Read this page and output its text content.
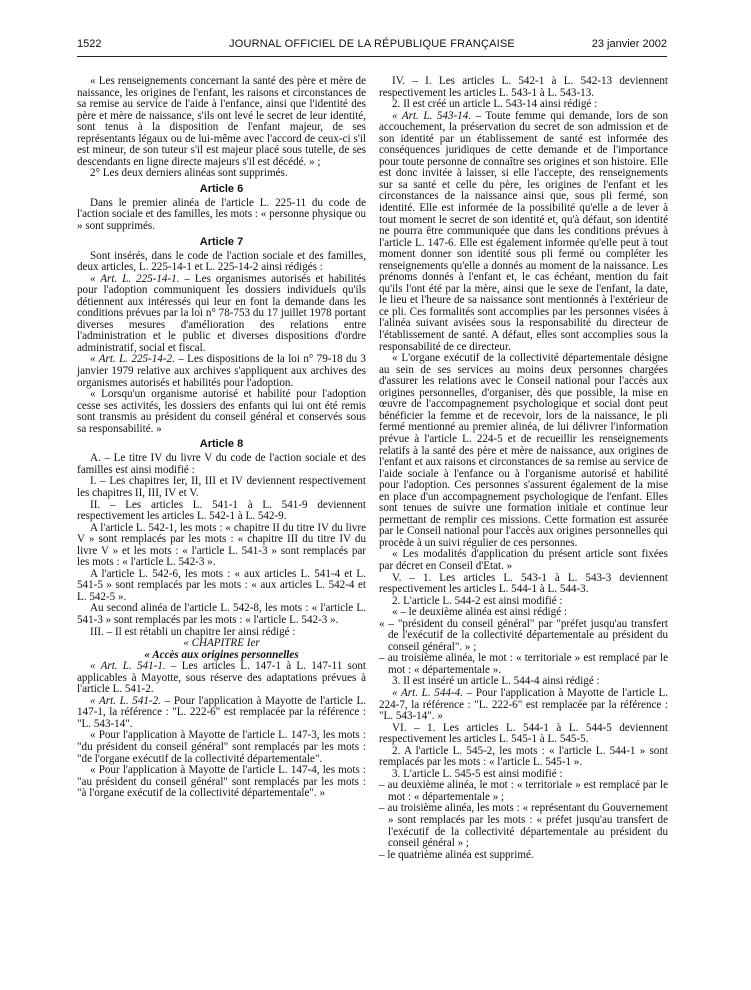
1522	JOURNAL OFFICIEL DE LA RÉPUBLIQUE FRANÇAISE	23 janvier 2002

« Les renseignements concernant la santé des père et mère de naissance, les origines de l'enfant, les raisons et circonstances de sa remise au service de l'aide à l'enfance, ainsi que l'identité des père et mère de naissance, s'ils ont levé le secret de leur identité, sont tenus à la disposition de l'enfant majeur, de ses représentants légaux ou de lui-même avec l'accord de ceux-ci s'il est mineur, de son tuteur s'il est majeur placé sous tutelle, de ses descendants en ligne directe majeurs s'il est décédé. » ;

2° Les deux derniers alinéas sont supprimés.

Article 6

Dans le premier alinéa de l'article L. 225-11 du code de l'action sociale et des familles, les mots : « personne physique ou » sont supprimés.

Article 7

Sont insérés, dans le code de l'action sociale et des familles, deux articles, L. 225-14-1 et L. 225-14-2 ainsi rédigés :

« Art. L. 225-14-1. – Les organismes autorisés et habilités pour l'adoption communiquent les dossiers individuels qu'ils détiennent aux intéressés qui leur en font la demande dans les conditions prévues par la loi n° 78-753 du 17 juillet 1978 portant diverses mesures d'amélioration des relations entre l'administration et le public et diverses dispositions d'ordre administratif, social et fiscal.

« Art. L. 225-14-2. – Les dispositions de la loi n° 79-18 du 3 janvier 1979 relative aux archives s'appliquent aux archives des organismes autorisés et habilités pour l'adoption.

« Lorsqu'un organisme autorisé et habilité pour l'adoption cesse ses activités, les dossiers des enfants qui lui ont été remis sont transmis au président du conseil général et conservés sous sa responsabilité. »

Article 8

A. – Le titre IV du livre V du code de l'action sociale et des familles est ainsi modifié :

I. – Les chapitres Ier, II, III et IV deviennent respectivement les chapitres II, III, IV et V.

II. – Les articles L. 541-1 à L. 541-9 deviennent respectivement les articles L. 542-1 à L. 542-9.

A l'article L. 542-1, les mots : « chapitre II du titre IV du livre V » sont remplacés par les mots : « chapitre III du titre IV du livre V » et les mots : « l'article L. 541-3 » sont remplacés par les mots : « l'article L. 542-3 ».

A l'article L. 542-6, les mots : « aux articles L. 541-4 et L. 541-5 » sont remplacés par les mots : « aux articles L. 542-4 et L. 542-5 ».

Au second alinéa de l'article L. 542-8, les mots : « l'article L. 541-3 » sont remplacés par les mots : « l'article L. 542-3 ».

III. – Il est rétabli un chapitre Ier ainsi rédigé :

« CHAPITRE Ier

« Accès aux origines personnelles

« Art. L. 541-1. – Les articles L. 147-1 à L. 147-11 sont applicables à Mayotte, sous réserve des adaptations prévues à l'article L. 541-2.

« Art. L. 541-2. – Pour l'application à Mayotte de l'article L. 147-1, la référence : "L. 222-6" est remplacée par la référence : "L. 543-14".

« Pour l'application à Mayotte de l'article L. 147-3, les mots : "du président du conseil général" sont remplacés par les mots : "de l'organe exécutif de la collectivité départementale".

« Pour l'application à Mayotte de l'article L. 147-4, les mots : "au président du conseil général" sont remplacés par les mots : "à l'organe exécutif de la collectivité départementale". »

IV. – I. Les articles L. 542-1 à L. 542-13 deviennent respectivement les articles L. 543-1 à L. 543-13.

2. Il est créé un article L. 543-14 ainsi rédigé :

« Art. L. 543-14. – Toute femme qui demande, lors de son accouchement, la préservation du secret de son admission et de son identité par un établissement de santé est informée des conséquences juridiques de cette demande et de l'importance pour toute personne de connaître ses origines et son histoire. Elle est donc invitée à laisser, si elle l'accepte, des renseignements sur sa santé et celle du père, les origines de l'enfant et les circonstances de la naissance ainsi que, sous pli fermé, son identité. Elle est informée de la possibilité qu'elle a de lever à tout moment le secret de son identité et, qu'à défaut, son identité ne pourra être communiquée que dans les conditions prévues à l'article L. 147-6. Elle est également informée qu'elle peut à tout moment donner son identité sous pli fermé ou compléter les renseignements qu'elle a donnés au moment de la naissance. Les prénoms donnés à l'enfant et, le cas échéant, mention du fait qu'ils l'ont été par la mère, ainsi que le sexe de l'enfant, la date, le lieu et l'heure de sa naissance sont mentionnés à l'extérieur de ce pli. Ces formalités sont accomplies par les personnes visées à l'alinéa suivant avisées sous la responsabilité du directeur de l'établissement de santé. A défaut, elles sont accomplies sous la responsabilité de ce directeur.

« L'organe exécutif de la collectivité départementale désigne au sein de ses services au moins deux personnes chargées d'assurer les relations avec le Conseil national pour l'accès aux origines personnelles, d'organiser, dès que possible, la mise en œuvre de l'accompagnement psychologique et social dont peut bénéficier la femme et de recevoir, lors de la naissance, le pli fermé mentionné au premier alinéa, de lui délivrer l'information prévue à l'article L. 224-5 et de recueillir les renseignements relatifs à la santé des père et mère de naissance, aux origines de l'enfant et aux raisons et circonstances de sa remise au service de l'aide sociale à l'enfance ou à l'organisme autorisé et habilité pour l'adoption. Ces personnes s'assurent également de la mise en place d'un accompagnement psychologique de l'enfant. Elles sont tenues de suivre une formation initiale et continue leur permettant de remplir ces missions. Cette formation est assurée par le Conseil national pour l'accès aux origines personnelles qui procède à un suivi régulier de ces personnes.

« Les modalités d'application du présent article sont fixées par décret en Conseil d'Etat. »

V. – 1. Les articles L. 543-1 à L. 543-3 deviennent respectivement les articles L. 544-1 à L. 544-3.

2. L'article L. 544-2 est ainsi modifié :

« – le deuxième alinéa est ainsi rédigé :

« – "président du conseil général" par "préfet jusqu'au transfert de l'exécutif de la collectivité départementale au président du conseil général". » ;

– au troisième alinéa, le mot : « territoriale » est remplacé par le mot : « départementale ».

3. Il est inséré un article L. 544-4 ainsi rédigé :

« Art. L. 544-4. – Pour l'application à Mayotte de l'article L. 224-7, la référence : "L. 222-6" est remplacée par la référence : "L. 543-14". »

VI. – 1. Les articles L. 544-1 à L. 544-5 deviennent respectivement les articles L. 545-1 à L. 545-5.

2. A l'article L. 545-2, les mots : « l'article L. 544-1 » sont remplacés par les mots : « l'article L. 545-1 ».

3. L'article L. 545-5 est ainsi modifié :

– au deuxième alinéa, le mot : « territoriale » est remplacé par le mot : « départementale » ;

– au troisième alinéa, les mots : « représentant du Gouvernement » sont remplacés par les mots : « préfet jusqu'au transfert de l'exécutif de la collectivité départementale au président du conseil général » ;

– le quatrième alinéa est supprimé.
